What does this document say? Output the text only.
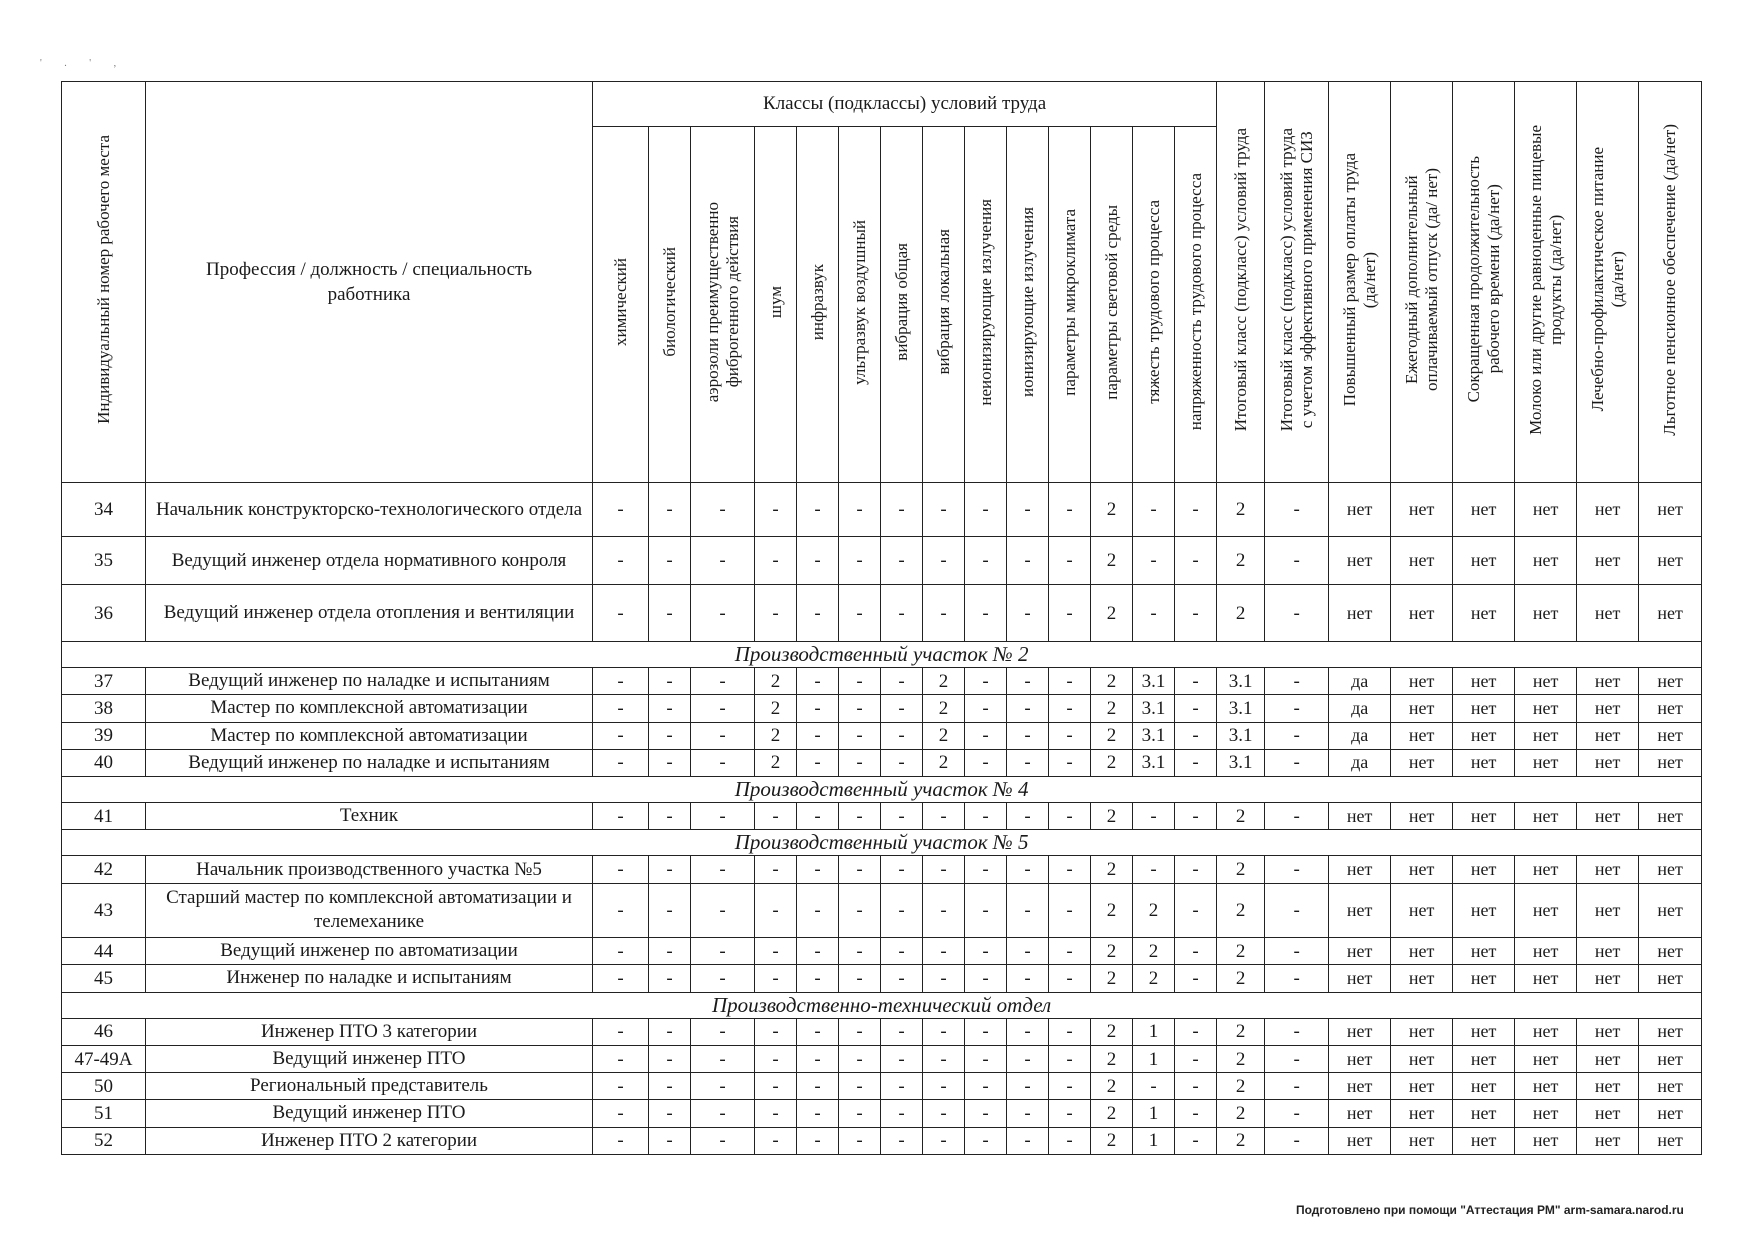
' . ' ,
Индивидуальный номер рабочего места	Профессия / должность / специальность работника	Классы (подклассы) условий труда														Итоговый класс (подкласс) условий труда	Итоговый класс (подкласс) условий труда с учетом эффективного применения СИЗ	Повышенный размер оплаты труда (да/нет)	Ежегодный дополнительный оплачиваемый отпуск (да/ нет)	Сокращенная продолжительность рабочего времени (да/нет)	Молоко или другие равноценные пищевые продукты (да/нет)	Лечебно-профилактическое питание (да/нет)	Льготное пенсионное обеспечение (да/нет)

		химический	биологический	аэрозоли преимущественно фиброгенного действия	шум	инфразвук	ультразвук воздушный	вибрация общая	вибрация локальная	неионизирующие излучения	ионизирующие излучения	параметры микроклимата	параметры световой среды	тяжесть трудового процесса	напряженность трудового процесса								

34	Начальник конструкторско-технологического отдела	-	-	-	-	-	-	-	-	-	-	-	2	-	-	2	-	нет	нет	нет	нет	нет	нет
35	Ведущий инженер отдела нормативного конроля	-	-	-	-	-	-	-	-	-	-	-	2	-	-	2	-	нет	нет	нет	нет	нет	нет
36	Ведущий инженер отдела отопления и вентиляции	-	-	-	-	-	-	-	-	-	-	-	2	-	-	2	-	нет	нет	нет	нет	нет	нет
Производственный участок № 2																							
37	Ведущий инженер по наладке и испытаниям	-	-	-	2	-	-	-	2	-	-	-	2	3.1	-	3.1	-	да	нет	нет	нет	нет	нет
38	Мастер по комплексной автоматизации	-	-	-	2	-	-	-	2	-	-	-	2	3.1	-	3.1	-	да	нет	нет	нет	нет	нет
39	Мастер по комплексной автоматизации	-	-	-	2	-	-	-	2	-	-	-	2	3.1	-	3.1	-	да	нет	нет	нет	нет	нет
40	Ведущий инженер по наладке и испытаниям	-	-	-	2	-	-	-	2	-	-	-	2	3.1	-	3.1	-	да	нет	нет	нет	нет	нет
Производственный участок № 4																							
41	Техник	-	-	-	-	-	-	-	-	-	-	-	2	-	-	2	-	нет	нет	нет	нет	нет	нет
Производственный участок № 5																							
42	Начальник производственного участка №5	-	-	-	-	-	-	-	-	-	-	-	2	-	-	2	-	нет	нет	нет	нет	нет	нет
43	Старший мастер по комплексной автоматизации и телемеханике	-	-	-	-	-	-	-	-	-	-	-	2	2	-	2	-	нет	нет	нет	нет	нет	нет
44	Ведущий инженер по автоматизации	-	-	-	-	-	-	-	-	-	-	-	2	2	-	2	-	нет	нет	нет	нет	нет	нет
45	Инженер по наладке и испытаниям	-	-	-	-	-	-	-	-	-	-	-	2	2	-	2	-	нет	нет	нет	нет	нет	нет
Производственно-технический отдел																							
46	Инженер ПТО 3 категории	-	-	-	-	-	-	-	-	-	-	-	2	1	-	2	-	нет	нет	нет	нет	нет	нет
47-49А	Ведущий инженер ПТО	-	-	-	-	-	-	-	-	-	-	-	2	1	-	2	-	нет	нет	нет	нет	нет	нет
50	Региональный представитель	-	-	-	-	-	-	-	-	-	-	-	2	-	-	2	-	нет	нет	нет	нет	нет	нет
51	Ведущий инженер ПТО	-	-	-	-	-	-	-	-	-	-	-	2	1	-	2	-	нет	нет	нет	нет	нет	нет
52	Инженер ПТО 2 категории	-	-	-	-	-	-	-	-	-	-	-	2	1	-	2	-	нет	нет	нет	нет	нет	нет
Подготовлено при помощи "Аттестация РМ" arm-samara.narod.ru
